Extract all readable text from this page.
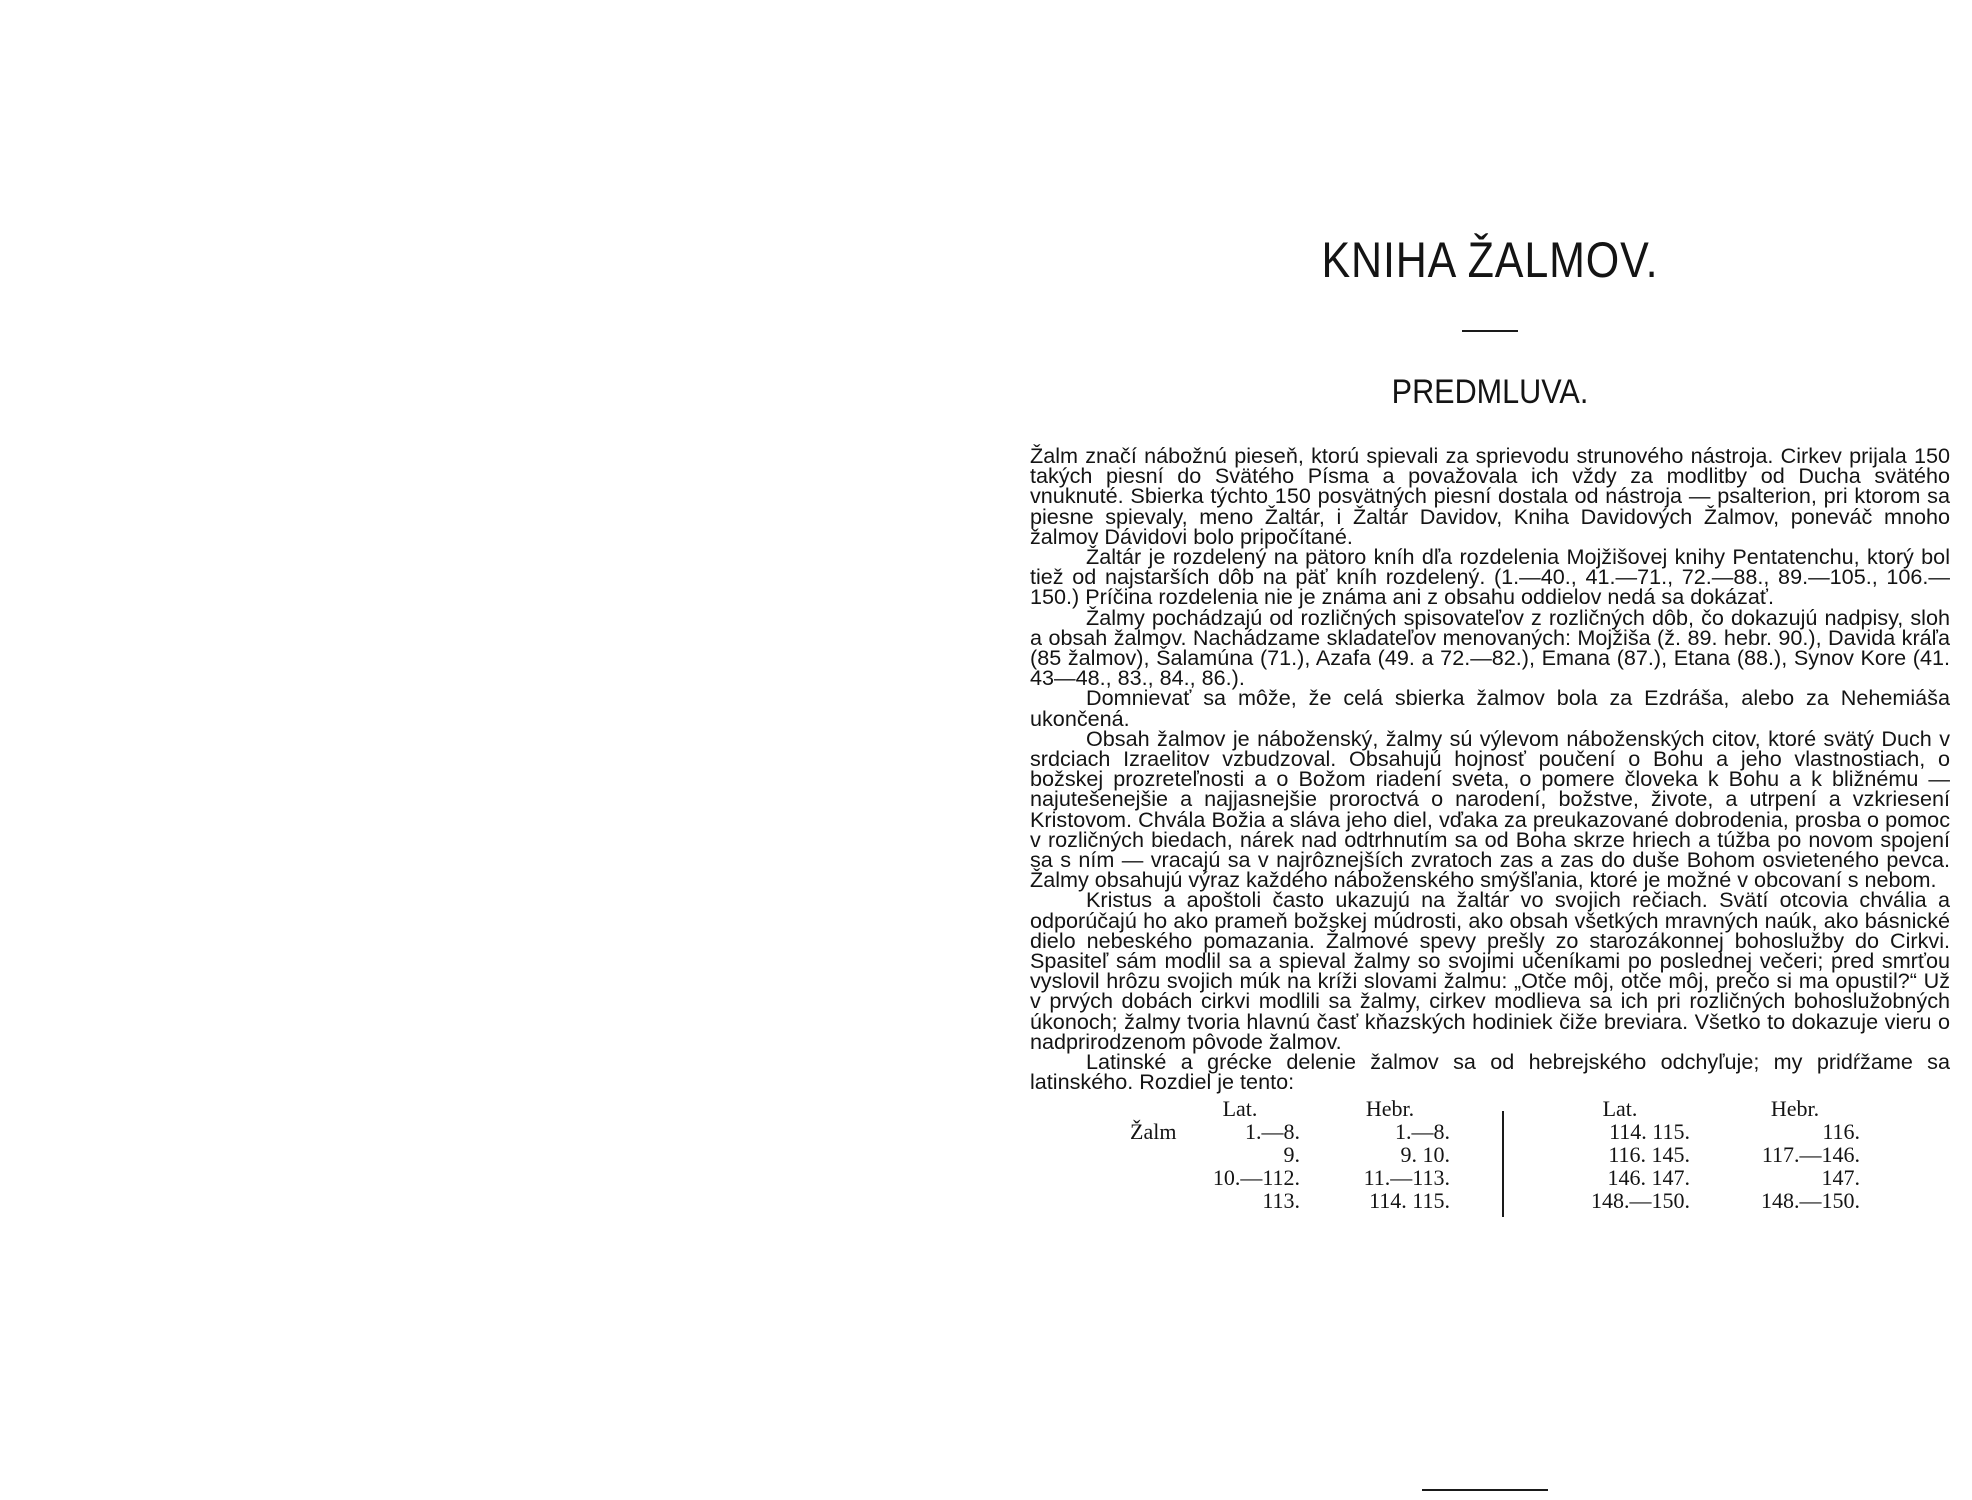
KNIHA ŽALMOV.
PREDMLUVA.

Žalm značí nábožnú pieseň, ktorú spievali za sprievodu strunového nástroja. Cirkev prijala 150 takých piesní do Svätého Písma a považovala ich vždy za modlitby od Ducha svätého vnuknuté. Sbierka týchto 150 posvätných piesní dostala od nástroja — psalterion, pri ktorom sa piesne spievaly, meno Žaltár, i Žaltár Davidov, Kniha Davidových Žalmov, poneváč mnoho žalmov Dávidovi bolo pripočítané.

Žaltár je rozdelený na pätoro kníh dľa rozdelenia Mojžišovej knihy Pentatenchu, ktorý bol tiež od najstarších dôb na päť kníh rozdelený. (1.—40., 41.—71., 72.—88., 89.—105., 106.—150.) Príčina rozdelenia nie je známa ani z obsahu oddielov nedá sa dokázať.

Žalmy pochádzajú od rozličných spisovateľov z rozličných dôb, čo dokazujú nadpisy, sloh a obsah žalmov. Nachádzame skladateľov menovaných: Mojžiša (ž. 89. hebr. 90.), Davida kráľa (85 žalmov), Šalamúna (71.), Azafa (49. a 72.—82.), Emana (87.), Etana (88.), Synov Kore (41. 43—48., 83., 84., 86.).

Domnievať sa môže, že celá sbierka žalmov bola za Ezdráša, alebo za Nehemiáša ukončená.

Obsah žalmov je náboženský, žalmy sú výlevom náboženských citov, ktoré svätý Duch v srdciach Izraelitov vzbudzoval. Obsahujú hojnosť poučení o Bohu a jeho vlastnostiach, o božskej prozreteľnosti a o Božom riadení sveta, o pomere človeka k Bohu a k bližnému — najutešenejšie a najjasnejšie proroctvá o narodení, božstve, živote, a utrpení a vzkriesení Kristovom. Chvála Božia a sláva jeho diel, vďaka za preukazované dobrodenia, prosba o pomoc v rozličných biedach, nárek nad odtrhnutím sa od Boha skrze hriech a túžba po novom spojení sa s ním — vracajú sa v najrôznejších zvratoch zas a zas do duše Bohom osvieteného pevca. Žalmy obsahujú výraz každého náboženského smýšľania, ktoré je možné v obcovaní s nebom.

Kristus a apoštoli často ukazujú na žaltár vo svojich rečiach. Svätí otcovia chvália a odporúčajú ho ako prameň božskej múdrosti, ako obsah všetkých mravných naúk, ako básnické dielo nebeského pomazania. Žalmové spevy prešly zo starozákonnej bohoslužby do Cirkvi. Spasiteľ sám modlil sa a spieval žalmy so svojimi učeníkami po poslednej večeri; pred smrťou vyslovil hrôzu svojich múk na kríži slovami žalmu: „Otče môj, otče môj, prečo si ma opustil?“ Už v prvých dobách cirkvi modlili sa žalmy, cirkev modlieva sa ich pri rozličných bohoslužobných úkonoch; žalmy tvoria hlavnú časť kňazských hodiniek čiže breviara. Všetko to dokazuje vieru o nadprirodzenom pôvode žalmov.

Latinské a grécke delenie žalmov sa od hebrejského odchyľuje; my pridŕžame sa latinského. Rozdiel je tento:

Žalm
Lat.
1.—8.
9.
10.—112.
113.
Hebr.
1.—8.
9. 10.
11.—113.
114. 115.
Lat.
114. 115.
116. 145.
146. 147.
148.—150.
Hebr.
116.
117.—146.
147.
148.—150.
